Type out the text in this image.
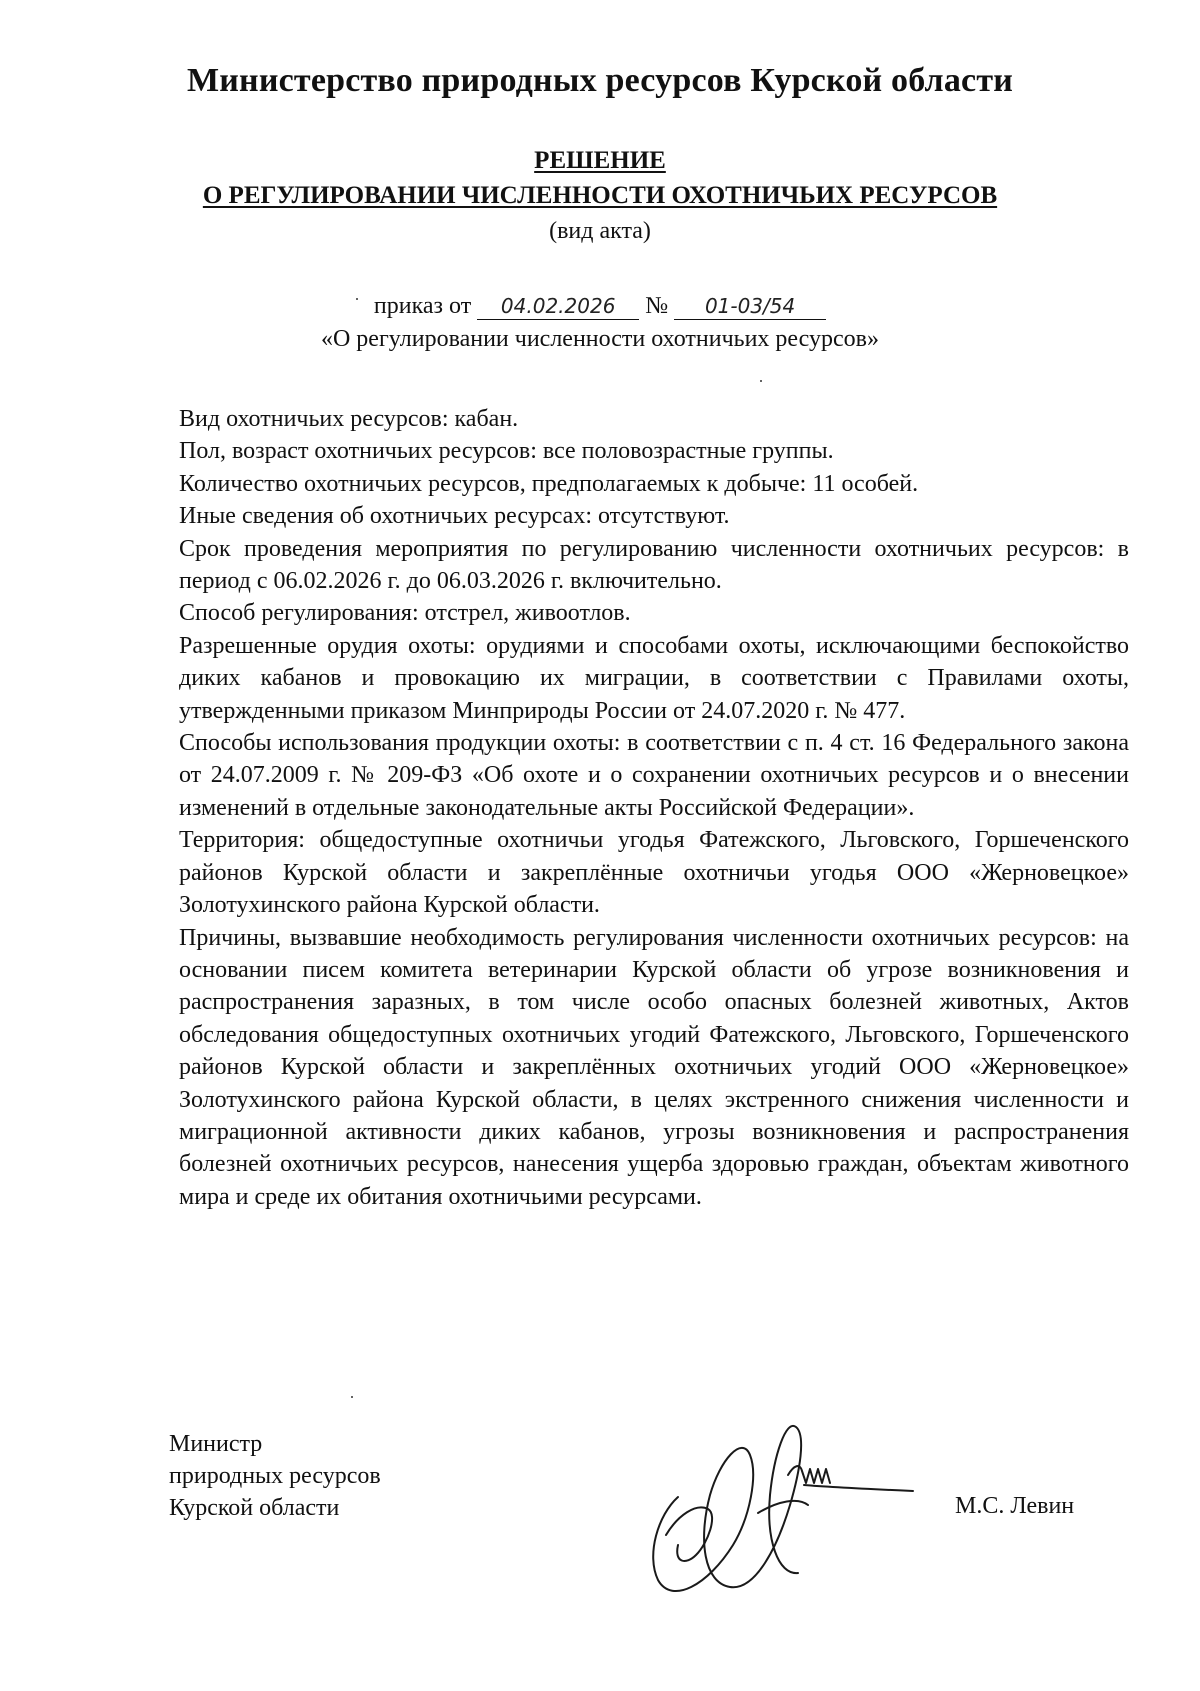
Министерство природных ресурсов Курской области
РЕШЕНИЕ
О РЕГУЛИРОВАНИИ ЧИСЛЕННОСТИ ОХОТНИЧЬИХ РЕСУРСОВ
(вид акта)
приказ от 04.02.2026 № 01-03/54
«О регулировании численности охотничьих ресурсов»

Вид охотничьих ресурсов: кабан.

Пол, возраст охотничьих ресурсов: все половозрастные группы.

Количество охотничьих ресурсов, предполагаемых к добыче: 11 особей.

Иные сведения об охотничьих ресурсах: отсутствуют.

Срок проведения мероприятия по регулированию численности охотничьих ресурсов: в период с 06.02.2026 г. до 06.03.2026 г. включительно.

Способ регулирования: отстрел, живоотлов.

Разрешенные орудия охоты: орудиями и способами охоты, исключающими беспокойство диких кабанов и провокацию их миграции, в соответствии с Правилами охоты, утвержденными приказом Минприроды России от 24.07.2020 г. № 477.

Способы использования продукции охоты: в соответствии с п. 4 ст. 16 Федерального закона от 24.07.2009 г. № 209-ФЗ «Об охоте и о сохранении охотничьих ресурсов и о внесении изменений в отдельные законодательные акты Российской Федерации».

Территория: общедоступные охотничьи угодья Фатежского, Льговского, Горшеченского районов Курской области и закреплённые охотничьи угодья ООО «Жерновецкое» Золотухинского района Курской области.

Причины, вызвавшие необходимость регулирования численности охотничьих ресурсов: на основании писем комитета ветеринарии Курской области об угрозе возникновения и распространения заразных, в том числе особо опасных болезней животных, Актов обследования общедоступных охотничьих угодий Фатежского, Льговского, Горшеченского районов Курской области и закреплённых охотничьих угодий ООО «Жерновецкое» Золотухинского района Курской области, в целях экстренного снижения численности и миграционной активности диких кабанов, угрозы возникновения и распространения болезней охотничьих ресурсов, нанесения ущерба здоровью граждан, объектам животного мира и среде их обитания охотничьими ресурсами.

Министр
природных ресурсов
Курской области	М.С. Левин
